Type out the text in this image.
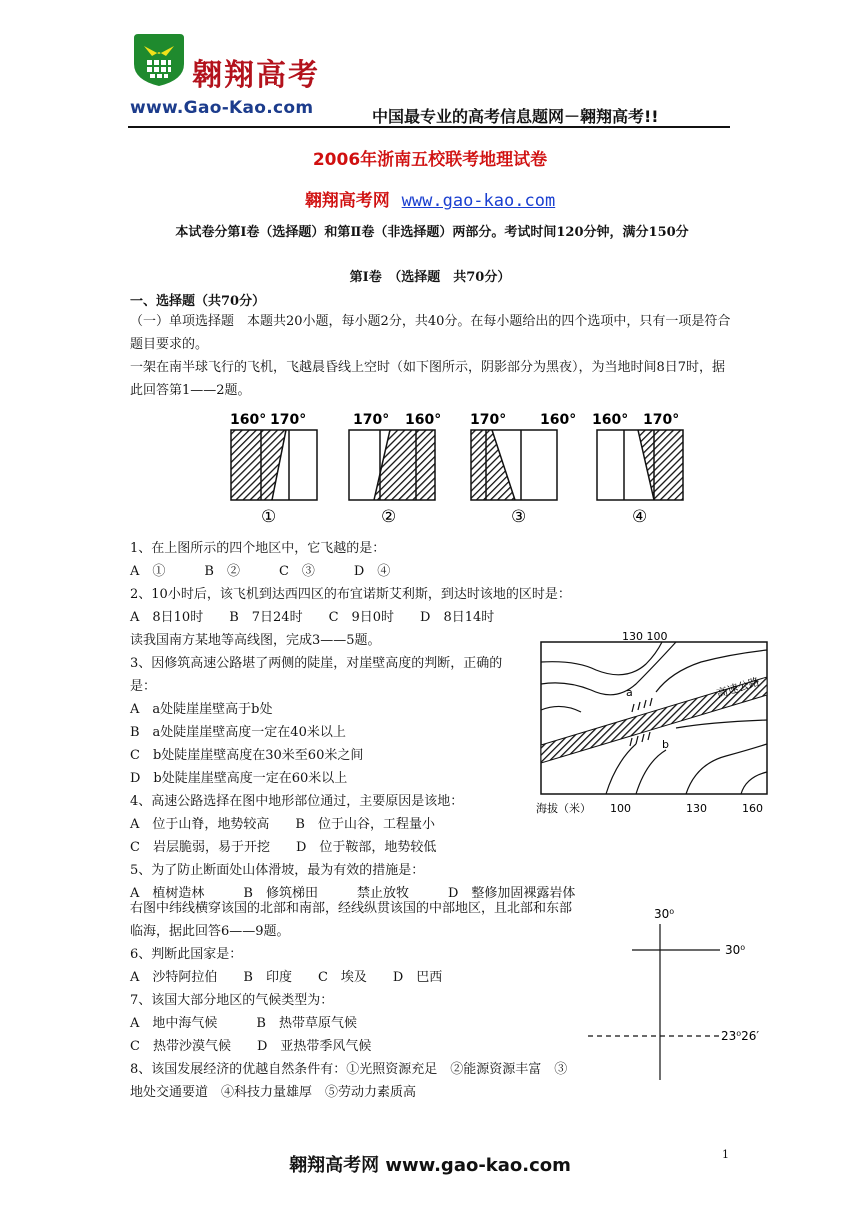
翱翔高考
www.Gao-Kao.com	中国最专业的高考信息题网－翱翔高考!!
2006年浙南五校联考地理试卷
翱翔高考网 www.gao-kao.com
本试卷分第Ⅰ卷（选择题）和第Ⅱ卷（非选择题）两部分。考试时间120分钟，满分150分
第Ⅰ卷　（选择题　共70分）
一、选择题（共70分）
（一）单项选择题　本题共20小题，每小题2分，共40分。在每小题给出的四个选项中，只有一项是符合题目要求的。
一架在南半球飞行的飞机，飞越晨昏线上空时（如下图所示，阴影部分为黑夜），为当地时间8日7时，据此回答第1——2题。
160° 170°
①
170° 160°
②
170° 160°
③
160° 170°
④
1、在上图所示的四个地区中，它飞越的是：
A　①　　　B　②　　　C　③　　　D　④
2、10小时后，该飞机到达西四区的布宜诺斯艾利斯，到达时该地的区时是：
A　8日10时　　B　7日24时　　C　9日0时　　D　8日14时
读我国南方某地等高线图，完成3——5题。
3、因修筑高速公路堪了两侧的陡崖，对崖壁高度的判断，正确的是：
A　a处陡崖崖壁高于b处
B　a处陡崖崖壁高度一定在40米以上
C　b处陡崖崖壁高度在30米至60米之间
D　b处陡崖崖壁高度一定在60米以上
4、高速公路选择在图中地形部位通过，主要原因是该地：
A　位于山脊，地势较高　　B　位于山谷，工程量小
C　岩层脆弱，易于开挖　　D　位于鞍部，地势较低
5、为了防止断面处山体滑坡，最为有效的措施是：
A　植树造林　　　B　修筑梯田　　　禁止放牧　　　D　整修加固裸露岩体
130 100
a
b
高速公路
海拔（米） 100	130	160
右图中纬线横穿该国的北部和南部，经线纵贯该国的中部地区，且北部和东部临海，据此回答6——9题。
6、判断此国家是：
A　沙特阿拉伯　　B　印度　　C　埃及　　D　巴西
7、该国大部分地区的气候类型为：
A　地中海气候　　　B　热带草原气候
C　热带沙漠气候　　D　亚热带季风气候
8、该国发展经济的优越自然条件有：①光照资源充足　②能源资源丰富　③地处交通要道　④科技力量雄厚　⑤劳动力素质高
30⁰
30⁰
23⁰26′
翱翔高考网 www.gao-kao.com
1
